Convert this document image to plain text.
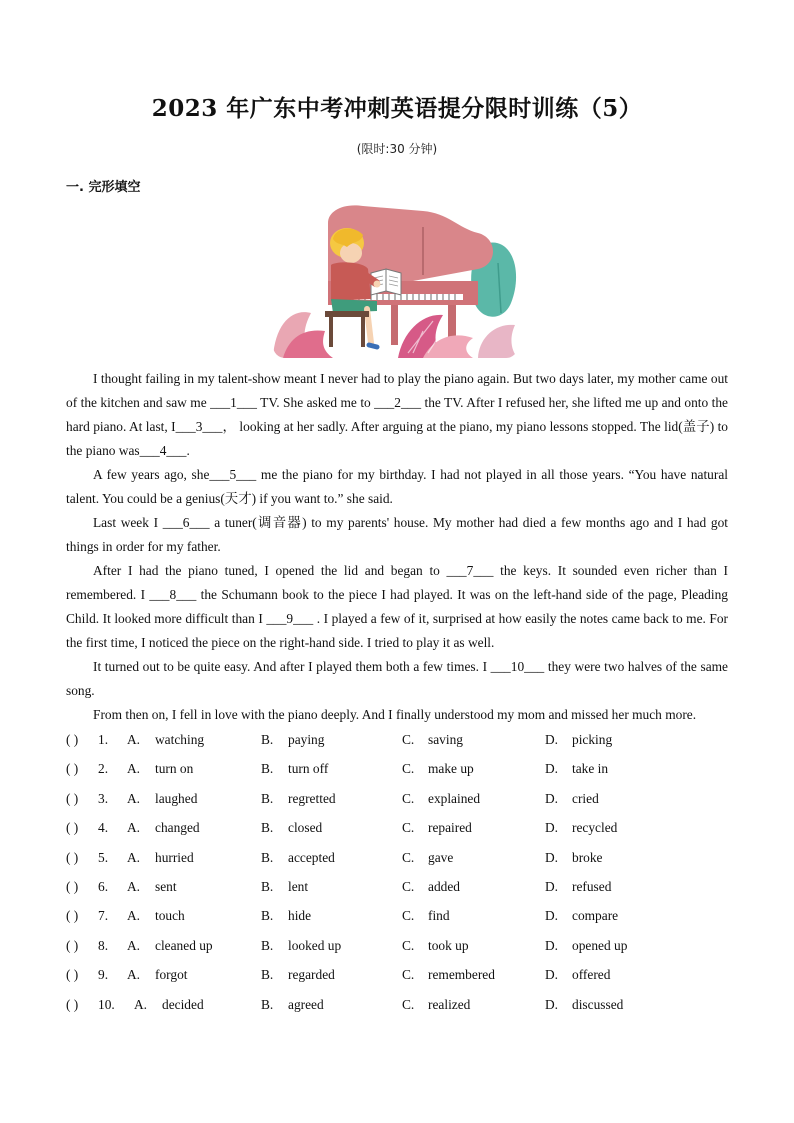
2023 年广东中考冲刺英语提分限时训练（5）
(限时:30 分钟)
一. 完形填空

I thought failing in my talent-show meant I never had to play the piano again. But two days later, my mother came out of the kitchen and saw me ___1___ TV. She asked me to ___2___ the TV. After I refused her, she lifted me up and onto the hard piano. At last, I___3___， looking at her sadly. After arguing at the piano, my piano lessons stopped. The lid(盖子) to the piano was___4___.

A few years ago, she___5___ me the piano for my birthday. I had not played in all those years. “You have natural talent. You could be a genius(天才) if you want to.” she said.

Last week I ___6___ a tuner(调音器) to my parents' house. My mother had died a few months ago and I had got things in order for my father.

After I had the piano tuned, I opened the lid and began to ___7___ the keys. It sounded even richer than I remembered. I ___8___ the Schumann book to the piece I had played. It was on the left-hand side of the page, Pleading Child. It looked more difficult than I ___9___ . I played a few of it, surprised at how easily the notes came back to me. For the first time, I noticed the piece on the right-hand side. I tried to play it as well.

It turned out to be quite easy. And after I played them both a few times. I ___10___ they were two halves of the same song.

From then on, I fell in love with the piano deeply. And I finally understood my mom and missed her much more.

( ) 1. A. watching	B. paying	C. saving	D. picking
( ) 2. A. turn on	B. turn off	C. make up	D. take in
( ) 3. A. laughed	B. regretted	C. explained	D. cried
( ) 4. A. changed	B. closed	C. repaired	D. recycled
( ) 5. A. hurried	B. accepted	C. gave	D. broke
( ) 6. A. sent	B. lent	C. added	D. refused
( ) 7. A. touch	B. hide	C. find	D. compare
( ) 8. A. cleaned up	B. looked up	C. took up	D. opened up
( ) 9. A. forgot	B. regarded	C. remembered	D. offered
( ) 10. A. decided	B. agreed	C. realized	D. discussed
